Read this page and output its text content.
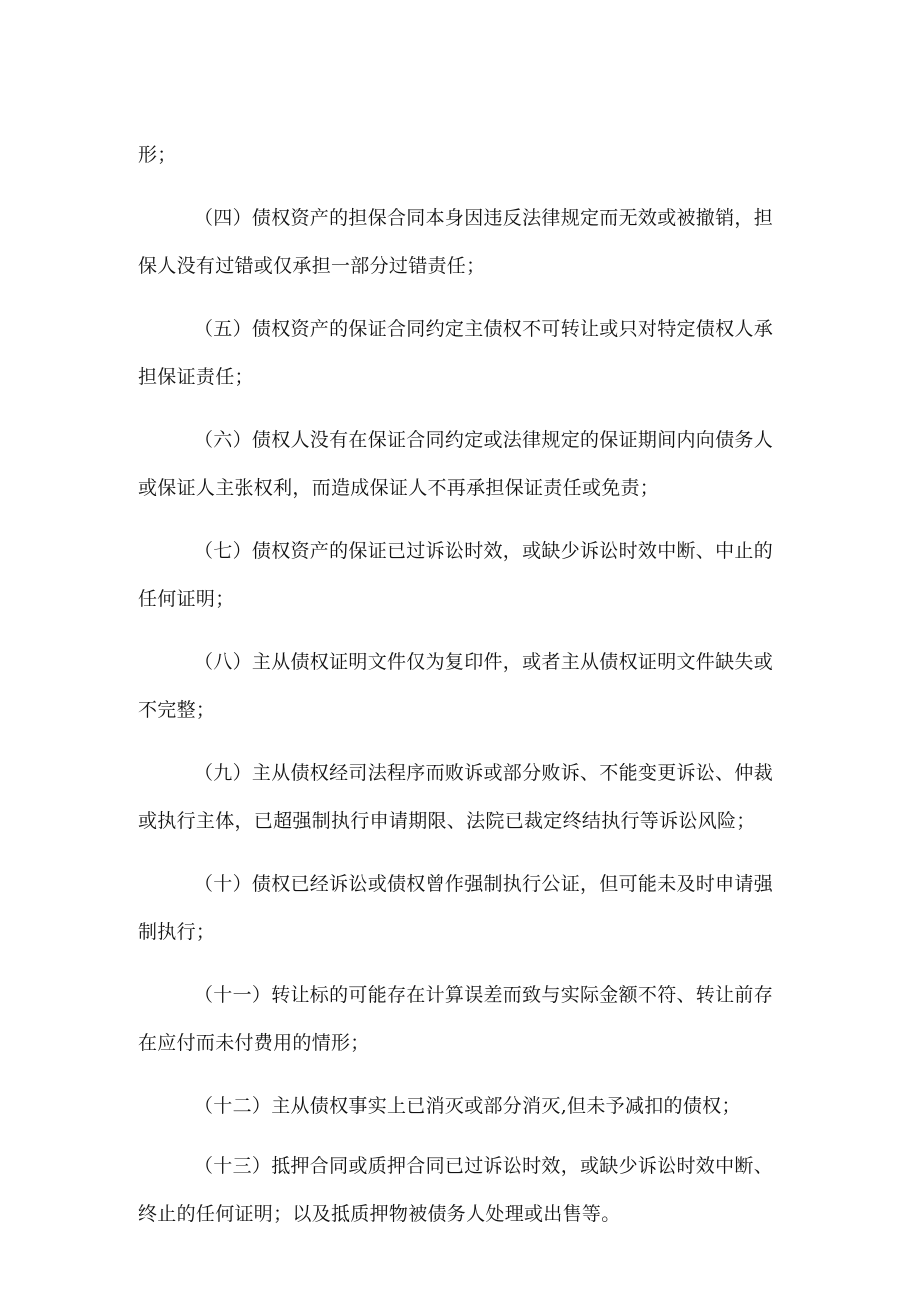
形；

（四）债权资产的担保合同本身因违反法律规定而无效或被撤销，担保人没有过错或仅承担一部分过错责任；

（五）债权资产的保证合同约定主债权不可转让或只对特定债权人承担保证责任；

（六）债权人没有在保证合同约定或法律规定的保证期间内向债务人或保证人主张权利，而造成保证人不再承担保证责任或免责；

（七）债权资产的保证已过诉讼时效，或缺少诉讼时效中断、中止的任何证明；

（八）主从债权证明文件仅为复印件，或者主从债权证明文件缺失或不完整；

（九）主从债权经司法程序而败诉或部分败诉、不能变更诉讼、仲裁或执行主体，已超强制执行申请期限、法院已裁定终结执行等诉讼风险；

（十）债权已经诉讼或债权曾作强制执行公证，但可能未及时申请强制执行；

（十一）转让标的可能存在计算误差而致与实际金额不符、转让前存在应付而未付费用的情形；

（十二）主从债权事实上已消灭或部分消灭,但未予减扣的债权；

（十三）抵押合同或质押合同已过诉讼时效，或缺少诉讼时效中断、终止的任何证明；以及抵质押物被债务人处理或出售等。
